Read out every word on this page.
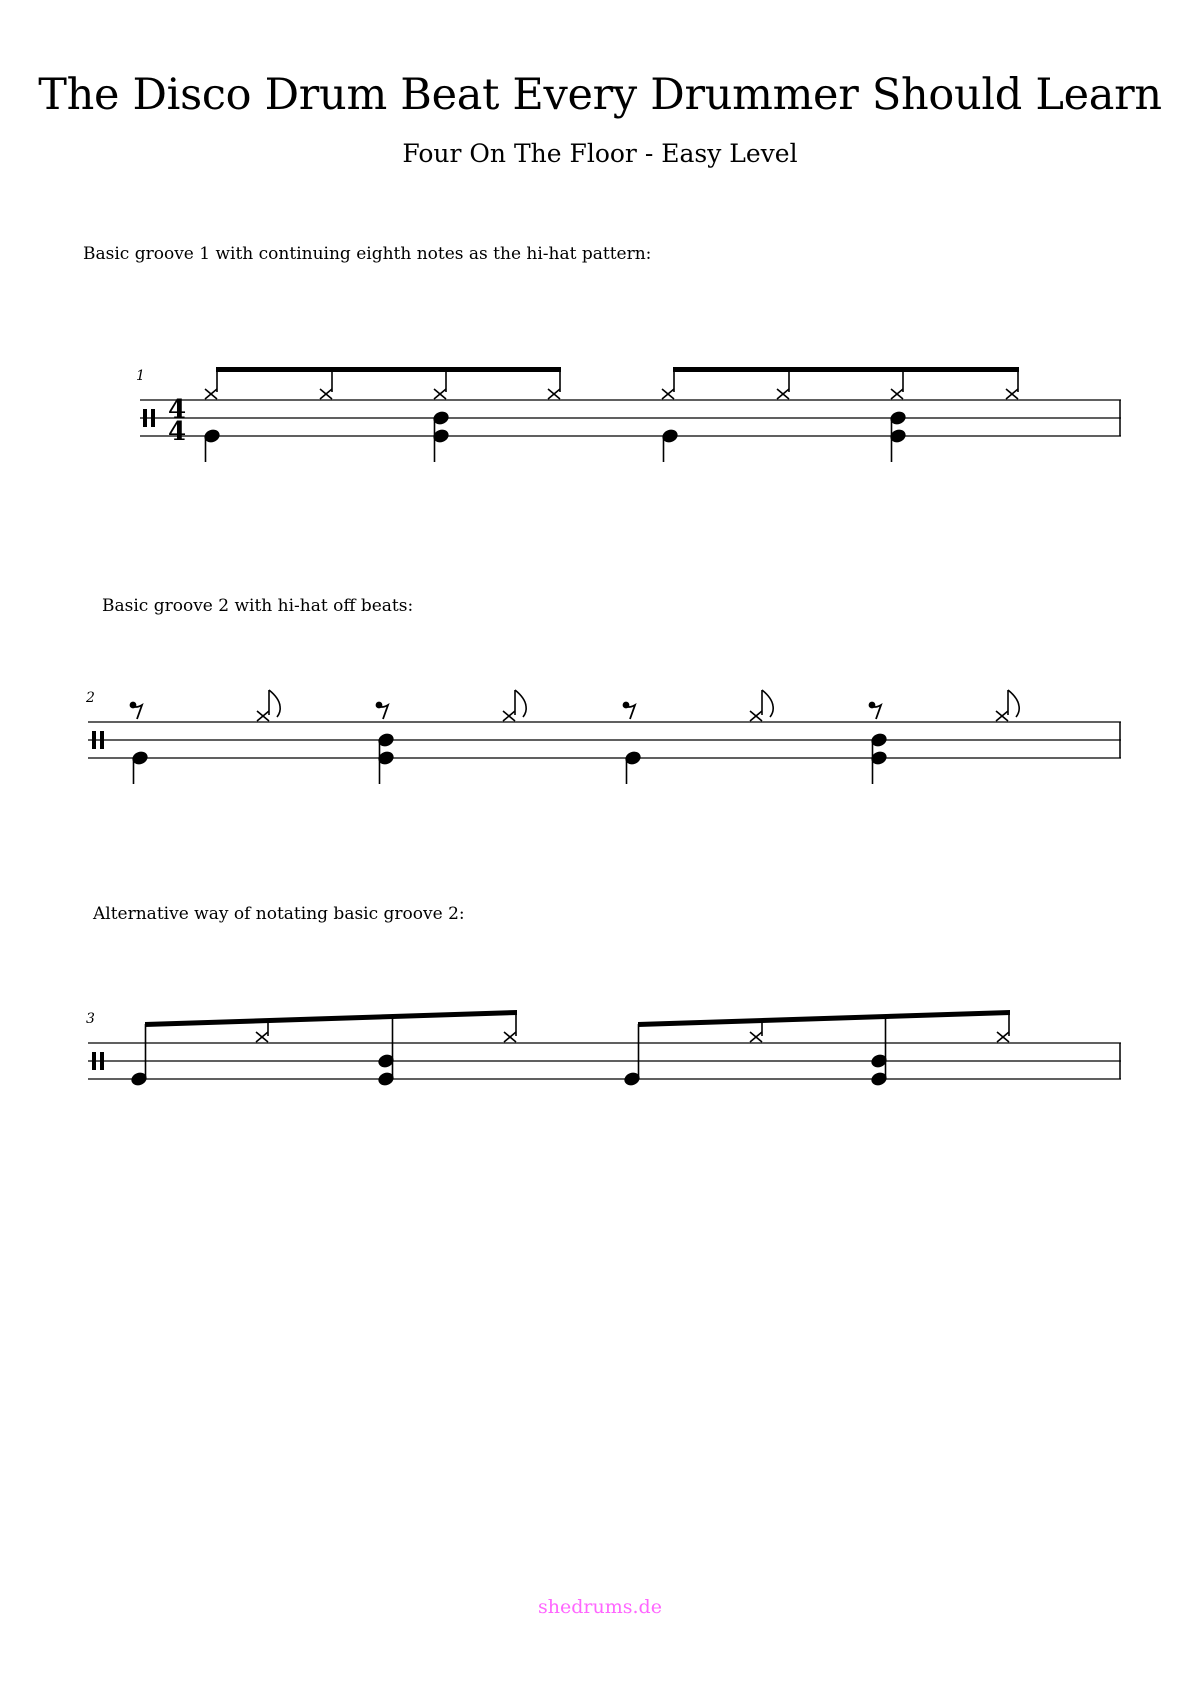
The Disco Drum Beat Every Drummer Should Learn
Four On The Floor - Easy Level
Basic groove 1 with continuing eighth notes as the hi-hat pattern:
Basic groove 2 with hi-hat off beats:
Alternative way of notating basic groove 2:
1
4
4
2
3
shedrums.de
